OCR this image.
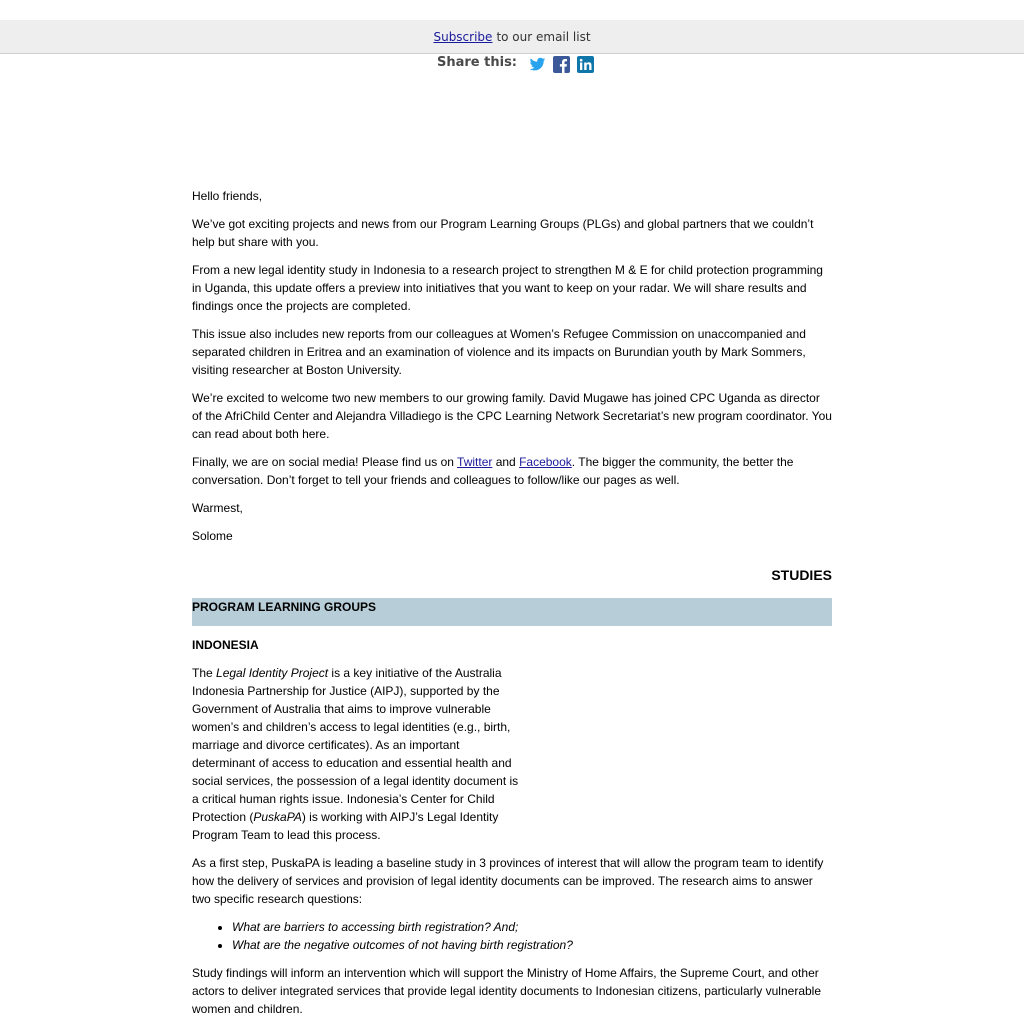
Subscribe to our email list
Share this:

Hello friends,

We’ve got exciting projects and news from our Program Learning Groups (PLGs) and global partners that we couldn’t help but share with you.

From a new legal identity study in Indonesia to a research project to strengthen M & E for child protection programming in Uganda, this update offers a preview into initiatives that you want to keep on your radar. We will share results and findings once the projects are completed.

This issue also includes new reports from our colleagues at Women’s Refugee Commission on unaccompanied and separated children in Eritrea and an examination of violence and its impacts on Burundian youth by Mark Sommers, visiting researcher at Boston University.

We’re excited to welcome two new members to our growing family. David Mugawe has joined CPC Uganda as director of the AfriChild Center and Alejandra Villadiego is the CPC Learning Network Secretariat’s new program coordinator. You can read about both here.

Finally, we are on social media! Please find us on Twitter and Facebook. The bigger the community, the better the conversation. Don’t forget to tell your friends and colleagues to follow/like our pages as well.

Warmest,

Solome

STUDIES
PROGRAM LEARNING GROUPS

INDONESIA

The Legal Identity Project is a key initiative of the Australia Indonesia Partnership for Justice (AIPJ), supported by the Government of Australia that aims to improve vulnerable women’s and children’s access to legal identities (e.g., birth, marriage and divorce certificates). As an important determinant of access to education and essential health and social services, the possession of a legal identity document is a critical human rights issue. Indonesia’s Center for Child Protection (PuskaPA) is working with AIPJ’s Legal Identity Program Team to lead this process.

As a first step, PuskaPA is leading a baseline study in 3 provinces of interest that will allow the program team to identify how the delivery of services and provision of legal identity documents can be improved. The research aims to answer two specific research questions:

• What are barriers to accessing birth registration? And;
• What are the negative outcomes of not having birth registration?

Study findings will inform an intervention which will support the Ministry of Home Affairs, the Supreme Court, and other actors to deliver integrated services that provide legal identity documents to Indonesian citizens, particularly vulnerable women and children.
